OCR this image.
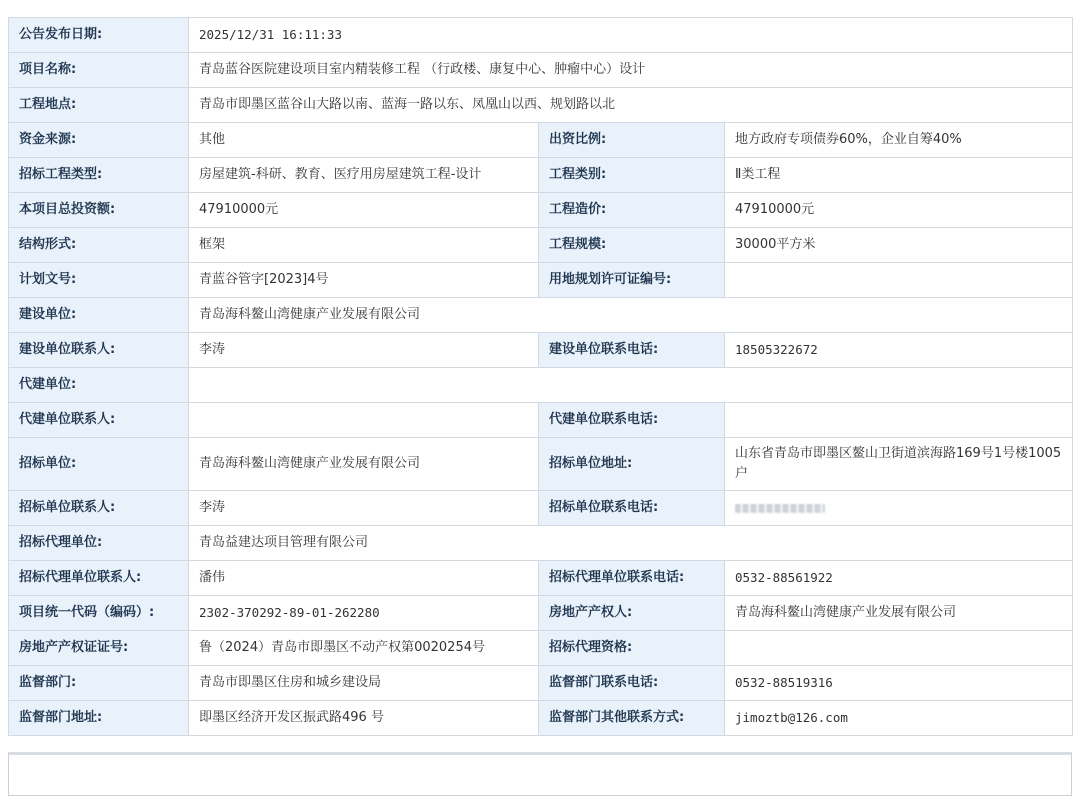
公告发布日期:	2025/12/31 16:11:33		
项目名称:	青岛蓝谷医院建设项目室内精装修工程 （行政楼、康复中心、肿瘤中心）设计		
工程地点:	青岛市即墨区蓝谷山大路以南、蓝海一路以东、凤凰山以西、规划路以北		
资金来源:	其他	出资比例:	地方政府专项债券60%，企业自筹40%
招标工程类型:	房屋建筑-科研、教育、医疗用房屋建筑工程-设计	工程类别:	Ⅱ类工程
本项目总投资额:	47910000元	工程造价:	47910000元
结构形式:	框架	工程规模:	30000平方米
计划文号:	青蓝谷管字[2023]4号	用地规划许可证编号:	
建设单位:	青岛海科鳌山湾健康产业发展有限公司		
建设单位联系人:	李涛	建设单位联系电话:	18505322672
代建单位:			
代建单位联系人:		代建单位联系电话:	
招标单位:	青岛海科鳌山湾健康产业发展有限公司	招标单位地址:	山东省青岛市即墨区鳌山卫街道滨海路169号1号楼1005户
招标单位联系人:	李涛	招标单位联系电话:	
招标代理单位:	青岛益建达项目管理有限公司		
招标代理单位联系人:	潘伟	招标代理单位联系电话:	0532-88561922
项目统一代码（编码）:	2302-370292-89-01-262280	房地产产权人:	青岛海科鳌山湾健康产业发展有限公司
房地产产权证证号:	鲁（2024）青岛市即墨区不动产权第0020254号	招标代理资格:	
监督部门:	青岛市即墨区住房和城乡建设局	监督部门联系电话:	0532-88519316
监督部门地址:	即墨区经济开发区振武路496 号	监督部门其他联系方式:	jimoztb@126.com
